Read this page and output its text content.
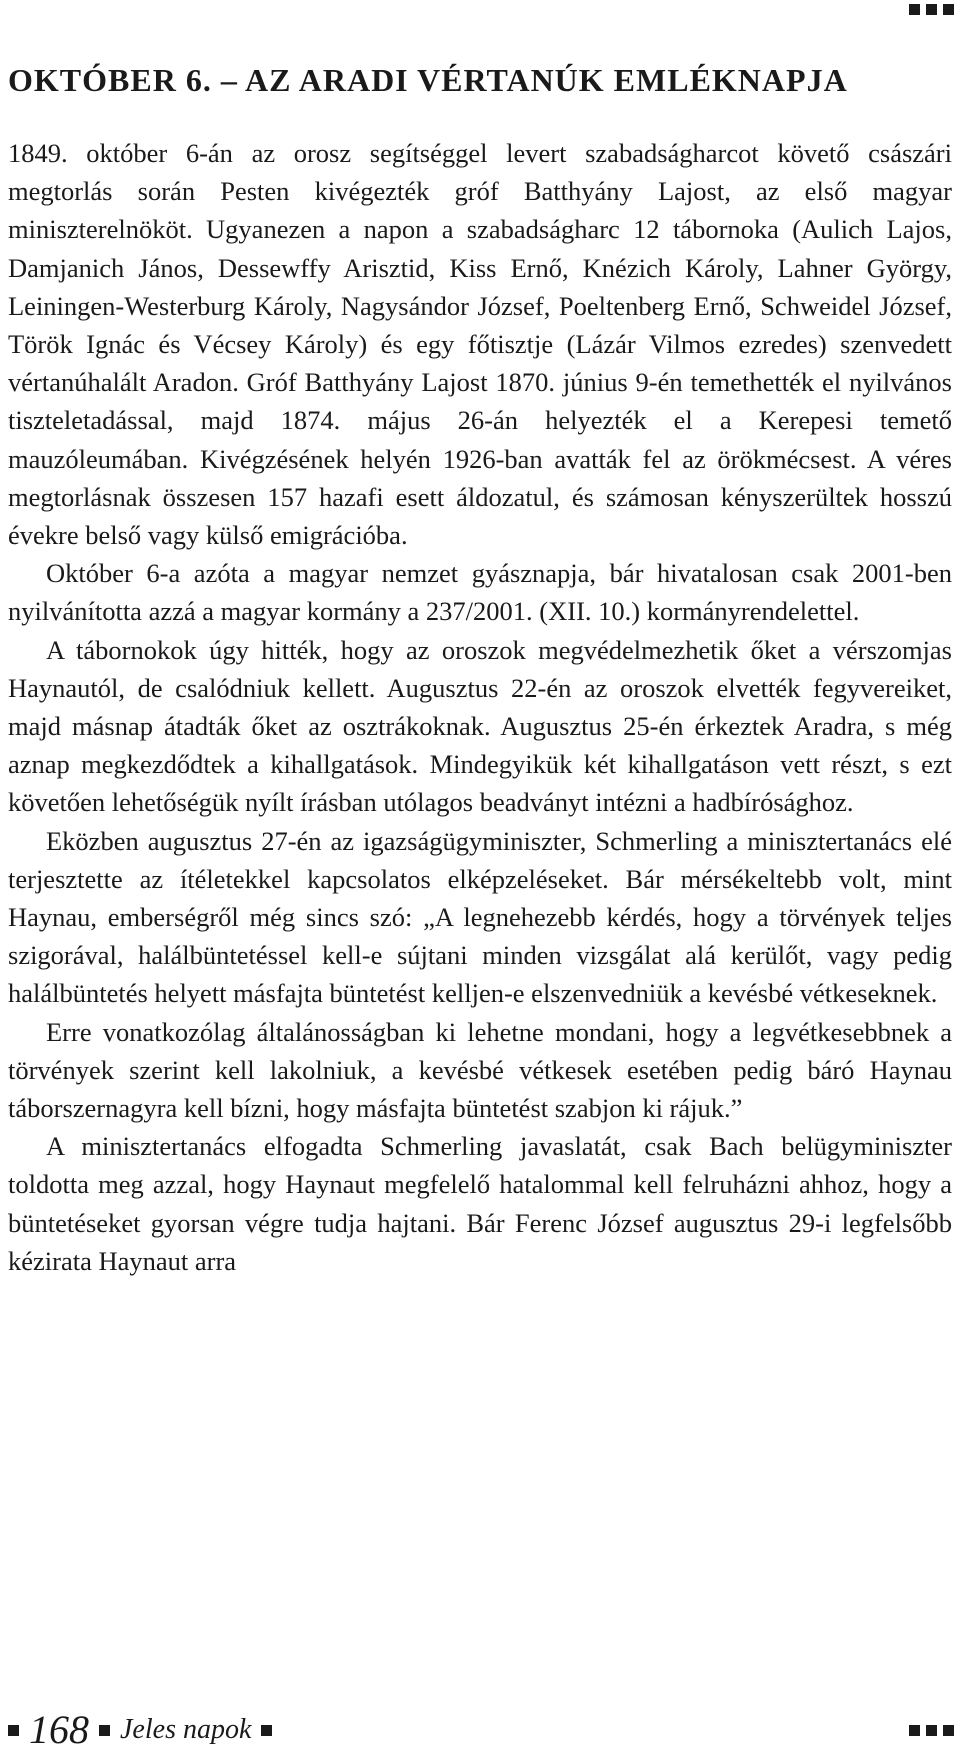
OKTÓBER 6. – AZ ARADI VÉRTANÚK EMLÉKNAPJA

1849. október 6-án az orosz segítséggel levert szabadságharcot követő császári megtorlás során Pesten kivégezték gróf Batthyány Lajost, az első magyar miniszterelnököt. Ugyanezen a napon a szabadságharc 12 tábornoka (Aulich Lajos, Damjanich János, Dessewffy Arisztid, Kiss Ernő, Knézich Károly, Lahner György, Leiningen-Westerburg Károly, Nagysándor József, Poeltenberg Ernő, Schweidel József, Török Ignác és Vécsey Károly) és egy főtisztje (Lázár Vilmos ezredes) szenvedett vértanúhalált Aradon. Gróf Batthyány Lajost 1870. június 9-én temethették el nyilvános tiszteletadással, majd 1874. május 26-án helyezték el a Kerepesi temető mauzóleumában. Kivégzésének helyén 1926-ban avatták fel az örökmécsest. A véres megtorlásnak összesen 157 hazafi esett áldozatul, és számosan kényszerültek hosszú évekre belső vagy külső emigrációba.

Október 6-a azóta a magyar nemzet gyásznapja, bár hivatalosan csak 2001-ben nyilvánította azzá a magyar kormány a 237/2001. (XII. 10.) kormányrendelettel.

A tábornokok úgy hitték, hogy az oroszok megvédelmezhetik őket a vérszomjas Haynautól, de csalódniuk kellett. Augusztus 22-én az oroszok elvették fegyvereiket, majd másnap átadták őket az osztrákoknak. Augusztus 25-én érkeztek Aradra, s még aznap megkezdődtek a kihallgatások. Mindegyikük két kihallgatáson vett részt, s ezt követően lehetőségük nyílt írásban utólagos beadványt intézni a hadbírósághoz.

Eközben augusztus 27-én az igazságügyminiszter, Schmerling a minisztertanács elé terjesztette az ítéletekkel kapcsolatos elképzeléseket. Bár mérsékeltebb volt, mint Haynau, emberségről még sincs szó: „A legnehezebb kérdés, hogy a törvények teljes szigorával, halálbüntetéssel kell-e sújtani minden vizsgálat alá kerülőt, vagy pedig halálbüntetés helyett másfajta büntetést kelljen-e elszenvedniük a kevésbé vétkeseknek.

Erre vonatkozólag általánosságban ki lehetne mondani, hogy a legvétkesebbnek a törvények szerint kell lakolniuk, a kevésbé vétkesek esetében pedig báró Haynau táborszernagyra kell bízni, hogy másfajta büntetést szabjon ki rájuk.”

A minisztertanács elfogadta Schmerling javaslatát, csak Bach belügyminiszter toldotta meg azzal, hogy Haynaut megfelelő hatalommal kell felruházni ahhoz, hogy a büntetéseket gyorsan végre tudja hajtani. Bár Ferenc József augusztus 29-i legfelsőbb kézirata Haynaut arra

168 Jeles napok
